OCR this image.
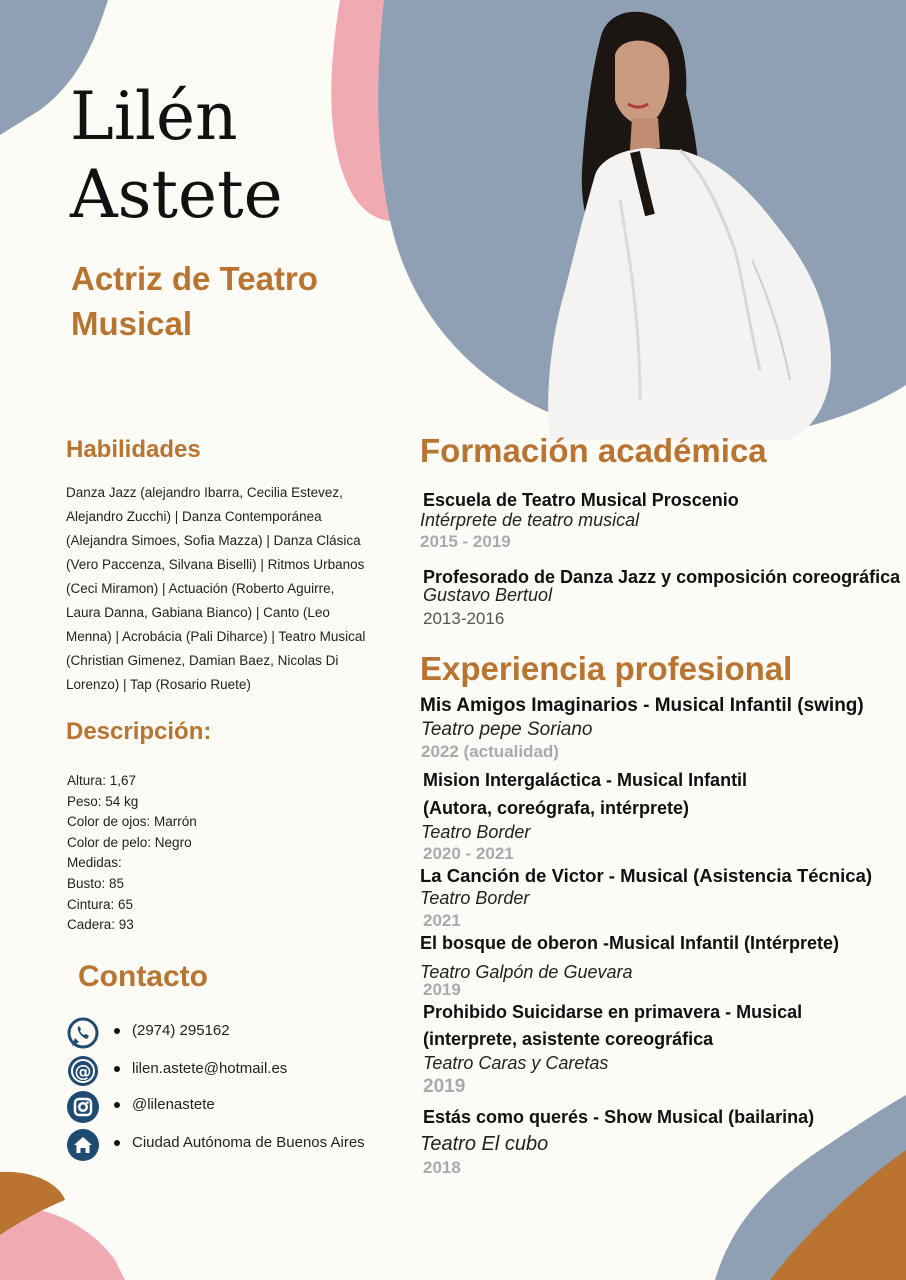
Lilén
Astete
Actriz de Teatro Musical
Habilidades

Danza Jazz (alejandro Ibarra, Cecilia Estevez, Alejandro Zucchi) | Danza Contemporánea (Alejandra Simoes, Sofia Mazza) | Danza Clásica (Vero Paccenza, Silvana Biselli) | Ritmos Urbanos (Ceci Miramon) | Actuación (Roberto Aguirre, Laura Danna, Gabiana Bianco) | Canto (Leo Menna) | Acrobácia (Pali Diharce) | Teatro Musical (Christian Gimenez, Damian Baez, Nicolas Di Lorenzo) | Tap (Rosario Ruete)

Descripción:
Altura: 1,67
Peso: 54 kg
Color de ojos: Marrón
Color de pelo: Negro
Medidas:
Busto: 85
Cintura: 65
Cadera: 93
Contacto
(2974) 295162
@	lilen.astete@hotmail.es
@lilenastete
Ciudad Autónoma de Buenos Aires
Formación académica
Escuela de Teatro Musical Proscenio
Intérprete de teatro musical
2015 - 2019
Profesorado de Danza Jazz y composición coreográfica
Gustavo Bertuol
2013-2016
Experiencia profesional
Mis Amigos Imaginarios - Musical Infantil (swing)
Teatro pepe Soriano
2022 (actualidad)
Mision Intergaláctica - Musical Infantil
(Autora, coreógrafa, intérprete)
Teatro Border
2020 - 2021
La Canción de Victor - Musical (Asistencia Técnica)
Teatro Border
2021
El bosque de oberon -Musical Infantil (Intérprete)
Teatro Galpón de Guevara
2019
Prohibido Suicidarse en primavera - Musical
(interprete, asistente coreográfica
Teatro Caras y Caretas
2019
Estás como querés - Show Musical (bailarina)
Teatro El cubo
2018
